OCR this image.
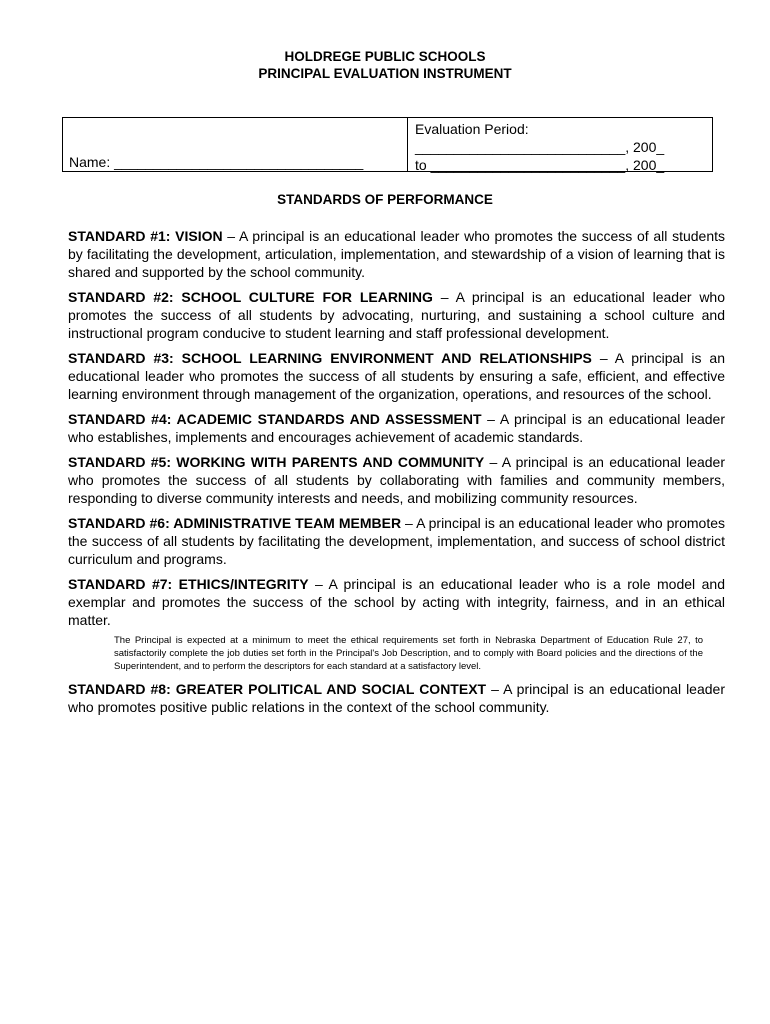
HOLDREGE PUBLIC SCHOOLS
PRINCIPAL EVALUATION INSTRUMENT
Name: ________________________________
Evaluation Period:
___________________________, 200_
to _________________________, 200_
STANDARDS OF PERFORMANCE

STANDARD #1: VISION – A principal is an educational leader who promotes the success of all students by facilitating the development, articulation, implementation, and stewardship of a vision of learning that is shared and supported by the school community.

STANDARD #2: SCHOOL CULTURE FOR LEARNING – A principal is an educational leader who promotes the success of all students by advocating, nurturing, and sustaining a school culture and instructional program conducive to student learning and staff professional development.

STANDARD #3: SCHOOL LEARNING ENVIRONMENT AND RELATIONSHIPS – A principal is an educational leader who promotes the success of all students by ensuring a safe, efficient, and effective learning environment through management of the organization, operations, and resources of the school.

STANDARD #4: ACADEMIC STANDARDS AND ASSESSMENT – A principal is an educational leader who establishes, implements and encourages achievement of academic standards.

STANDARD #5: WORKING WITH PARENTS AND COMMUNITY – A principal is an educational leader who promotes the success of all students by collaborating with families and community members, responding to diverse community interests and needs, and mobilizing community resources.

STANDARD #6: ADMINISTRATIVE TEAM MEMBER – A principal is an educational leader who promotes the success of all students by facilitating the development, implementation, and success of school district curriculum and programs.

STANDARD #7: ETHICS/INTEGRITY – A principal is an educational leader who is a role model and exemplar and promotes the success of the school by acting with integrity, fairness, and in an ethical matter.

The Principal is expected at a minimum to meet the ethical requirements set forth in Nebraska Department of Education Rule 27, to satisfactorily complete the job duties set forth in the Principal's Job Description, and to comply with Board policies and the directions of the Superintendent, and to perform the descriptors for each standard at a satisfactory level.

STANDARD #8: GREATER POLITICAL AND SOCIAL CONTEXT – A principal is an educational leader who promotes positive public relations in the context of the school community.
